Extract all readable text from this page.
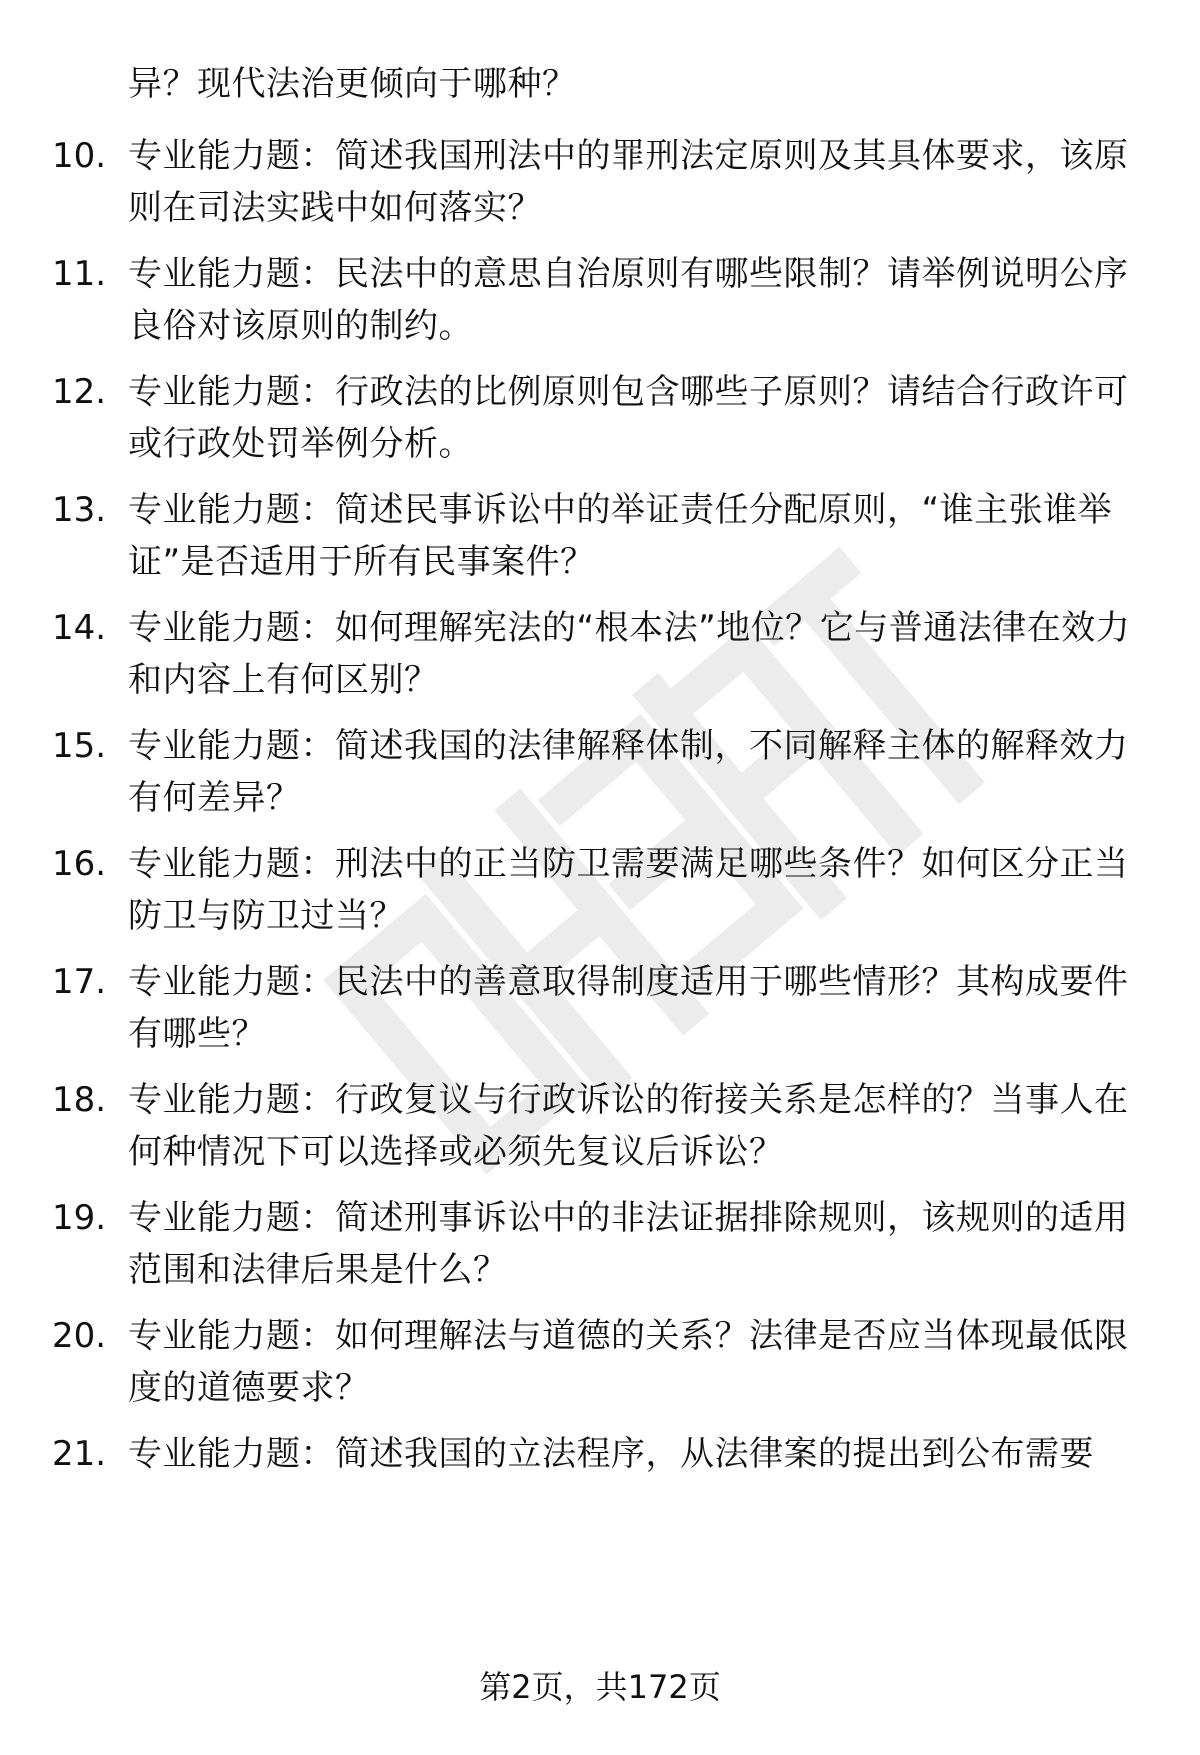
异？现代法治更倾向于哪种？
10. 专业能力题：简述我国刑法中的罪刑法定原则及其具体要求，该原则在司法实践中如何落实？
11. 专业能力题：民法中的意思自治原则有哪些限制？请举例说明公序良俗对该原则的制约。
12. 专业能力题：行政法的比例原则包含哪些子原则？请结合行政许可或行政处罚举例分析。
13. 专业能力题：简述民事诉讼中的举证责任分配原则，“谁主张谁举证”是否适用于所有民事案件？
14. 专业能力题：如何理解宪法的“根本法”地位？它与普通法律在效力和内容上有何区别？
15. 专业能力题：简述我国的法律解释体制，不同解释主体的解释效力有何差异？
16. 专业能力题：刑法中的正当防卫需要满足哪些条件？如何区分正当防卫与防卫过当？
17. 专业能力题：民法中的善意取得制度适用于哪些情形？其构成要件有哪些？
18. 专业能力题：行政复议与行政诉讼的衔接关系是怎样的？当事人在何种情况下可以选择或必须先复议后诉讼？
19. 专业能力题：简述刑事诉讼中的非法证据排除规则，该规则的适用范围和法律后果是什么？
20. 专业能力题：如何理解法与道德的关系？法律是否应当体现最低限度的道德要求？
21. 专业能力题：简述我国的立法程序，从法律案的提出到公布需要
第2页，共172页
